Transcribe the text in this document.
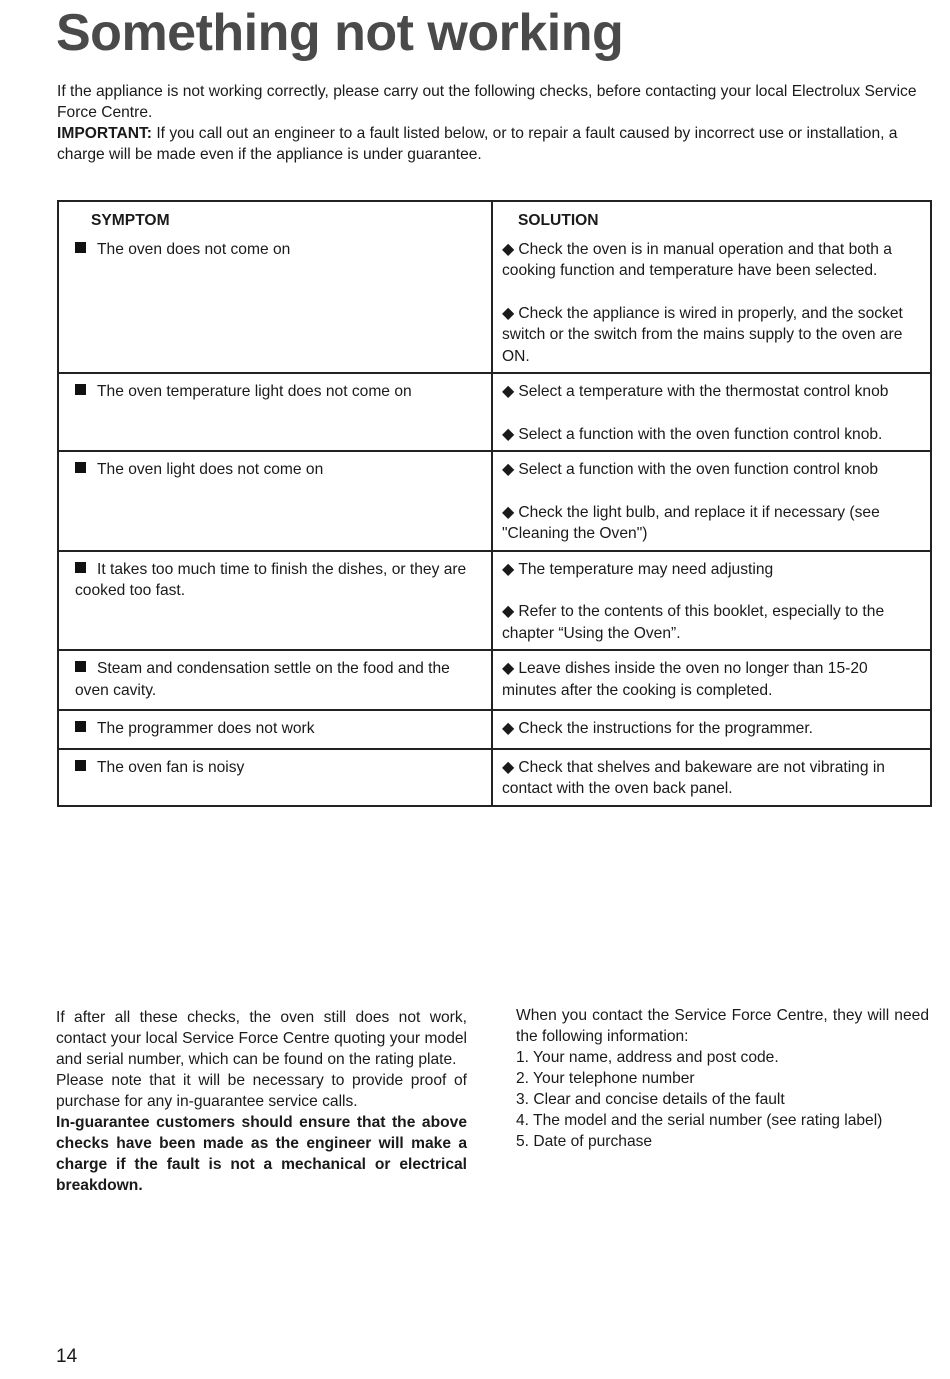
Something not working

If the appliance is not working correctly, please carry out the following checks, before contacting your local Electrolux Service Force Centre.

IMPORTANT: If you call out an engineer to a fault listed below, or to repair a fault caused by incorrect use or installation, a charge will be made even if the appliance is under guarantee.

SYMPTOM	SOLUTION
The oven does not come on	◆ Check the oven is in manual operation and that both a cooking function and temperature have been selected.

◆ Check the appliance is wired in properly, and the socket switch or the switch from the mains supply to the oven are ON.

The oven temperature light does not come on	◆ Select a temperature with the thermostat control knob

◆ Select a function with the oven function control knob.

The oven light does not come on	◆ Select a function with the oven function control knob

◆ Check the light bulb, and replace it if necessary (see "Cleaning the Oven")

It takes too much time to finish the dishes, or they are cooked too fast.	◆ The temperature may need adjusting

◆ Refer to the contents of this booklet, especially to the chapter “Using the Oven”.

Steam and condensation settle on the food and the oven cavity.	◆ Leave dishes inside the oven no longer than 15-20 minutes after the cooking is completed.

The programmer does not work	◆ Check the instructions for the programmer.

The oven fan is noisy	◆ Check that shelves and bakeware are not vibrating in contact with the oven back panel.

If after all these checks, the oven still does not work, contact your local Service Force Centre quoting your model and serial number, which can be found on the rating plate.

Please note that it will be necessary to provide proof of purchase for any in-guarantee service calls.

In-guarantee customers should ensure that the above checks have been made as the engineer will make a charge if the fault is not a mechanical or electrical breakdown.

When you contact the Service Force Centre, they will need the following information:

1. Your name, address and post code.
2. Your telephone number
3. Clear and concise details of the fault
4. The model and the serial number (see rating label)
5. Date of purchase
14
